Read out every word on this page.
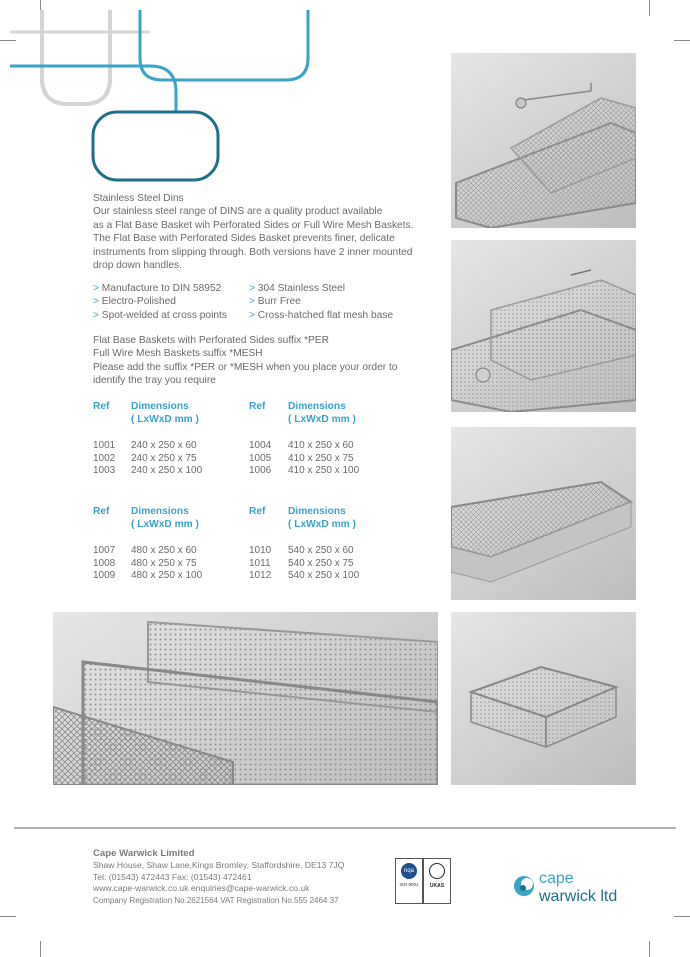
Stainless Steel Dins
Our stainless steel range of DINS are a quality product available
as a Flat Base Basket wih Perforated Sides or Full Wire Mesh Baskets.
The Flat Base with Perforated Sides Basket prevents finer, delicate
instruments from slipping through. Both versions have 2 inner mounted
drop down handles.
> Manufacture to DIN 58952
> Electro-Polished
> Spot-welded at cross points
> 304 Stainless Steel
> Burr Free
> Cross-hatched flat mesh base
Flat Base Baskets with Perforated Sides suffix *PER
Full Wire Mesh Baskets suffix *MESH
Please add the suffix *PER or *MESH when you place your order to
identify the tray you require
Ref Dimensions
( LxWxD mm )
1001 240 x 250 x 60
1002 240 x 250 x 75
1003 240 x 250 x 100
Ref Dimensions
( LxWxD mm )
1004 410 x 250 x 60
1005 410 x 250 x 75
1006 410 x 250 x 100
Ref Dimensions
( LxWxD mm )
1007 480 x 250 x 60
1008 480 x 250 x 75
1009 480 x 250 x 100
Ref Dimensions
( LxWxD mm )
1010 540 x 250 x 60
1011 540 x 250 x 75
1012 540 x 250 x 100
Cape Warwick Limited
Shaw House, Shaw Lane,Kings Bromley, Staffordshire, DE13 7JQ
Tel: (01543) 472443 Fax: (01543) 472461
www.cape-warwick.co.uk enquiries@cape-warwick.co.uk
Company Registration No.2621564 VAT Registration No.555 2464 37
nqa
ISO 9001	UKAS	cape
warwick ltd
